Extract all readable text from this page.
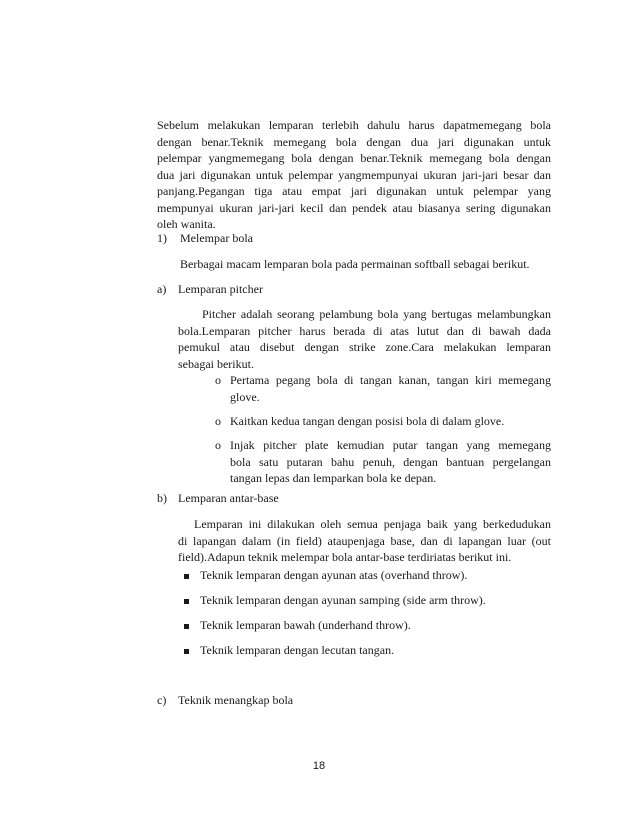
Sebelum melakukan lemparan terlebih dahulu harus dapatmemegang bola
dengan benar.Teknik memegang bola dengan dua jari digunakan untuk
pelempar yangmemegang bola dengan benar.Teknik memegang bola dengan
dua jari digunakan untuk pelempar yangmempunyai ukuran jari-jari besar dan
panjang.Pegangan tiga atau empat jari digunakan untuk pelempar yang
mempunyai ukuran jari-jari kecil dan pendek atau biasanya sering digunakan
oleh wanita.
1) Melempar bola
Berbagai macam lemparan bola pada permainan softball sebagai berikut.
a) Lemparan pitcher
Pitcher adalah seorang pelambung bola yang bertugas melambungkan
bola.Lemparan pitcher harus berada di atas lutut dan di bawah dada
pemukul atau disebut dengan strike zone.Cara melakukan lemparan
sebagai berikut.
o Pertama pegang bola di tangan kanan, tangan kiri memegang
glove.
o Kaitkan kedua tangan dengan posisi bola di dalam glove.
o Injak pitcher plate kemudian putar tangan yang memegang
bola satu putaran bahu penuh, dengan bantuan pergelangan
tangan lepas dan lemparkan bola ke depan.
b) Lemparan antar-base
Lemparan ini dilakukan oleh semua penjaga baik yang berkedudukan
di lapangan dalam (in field) ataupenjaga base, dan di lapangan luar (out
field).Adapun teknik melempar bola antar-base terdiriatas berikut ini.
Teknik lemparan dengan ayunan atas (overhand throw).
Teknik lemparan dengan ayunan samping (side arm throw).
Teknik lemparan bawah (underhand throw).
Teknik lemparan dengan lecutan tangan.
c) Teknik menangkap bola
18
